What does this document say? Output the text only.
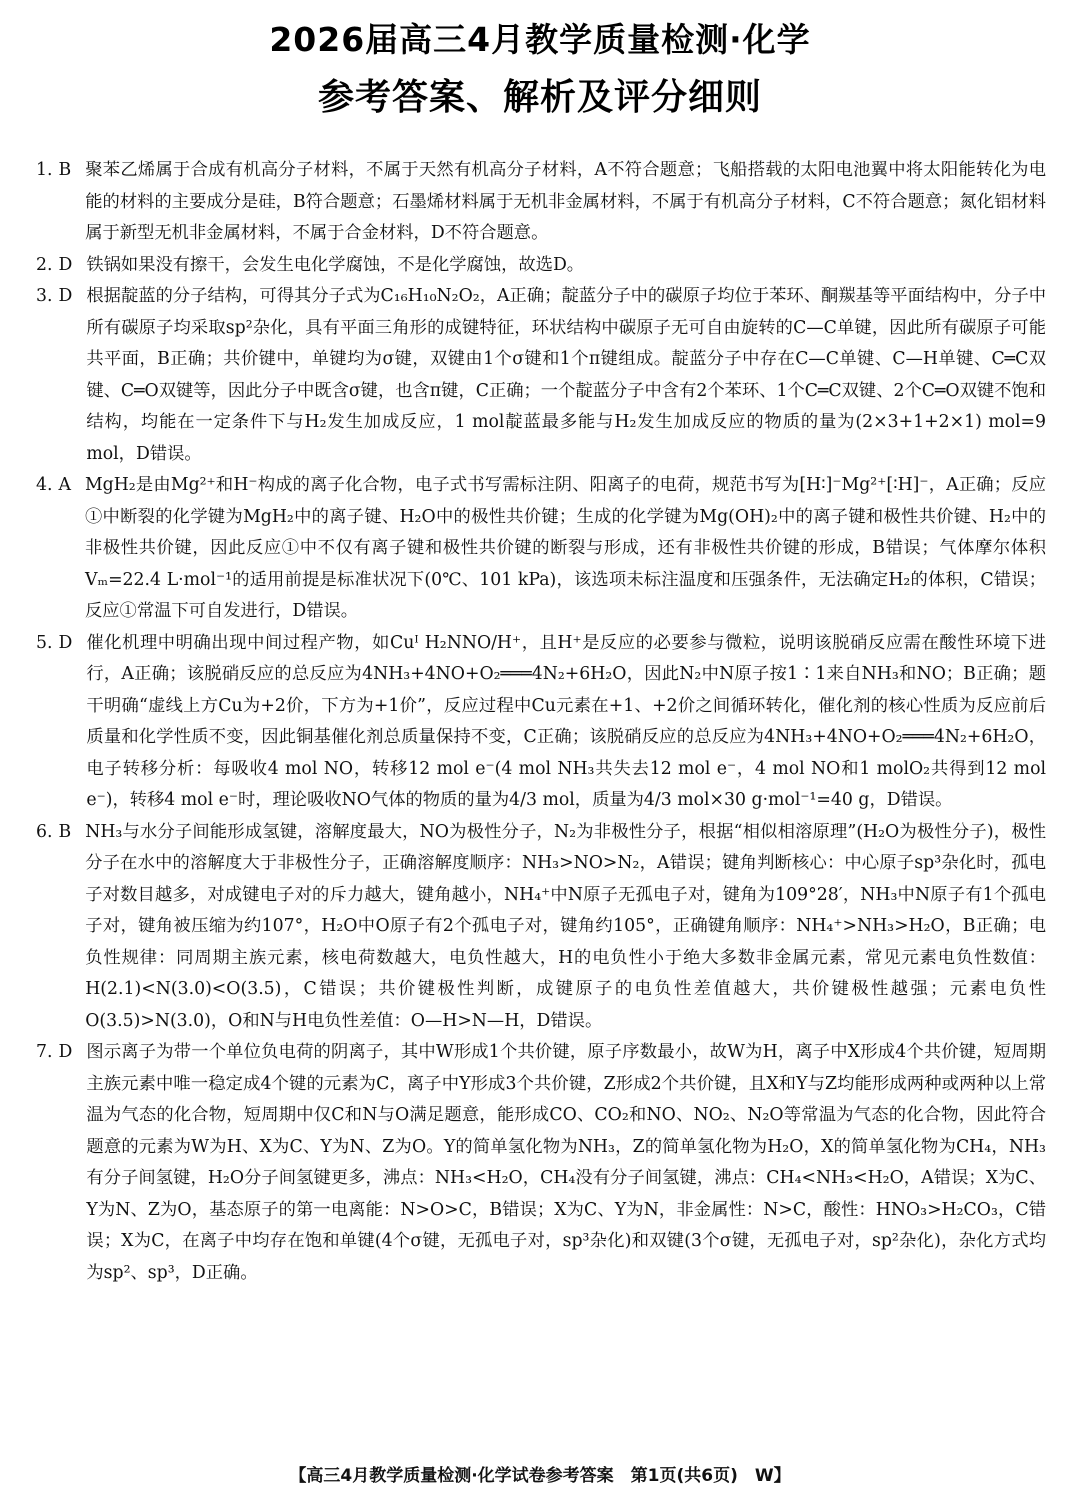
2026届高三4月教学质量检测·化学
参考答案、解析及评分细则
1. B 聚苯乙烯属于合成有机高分子材料，不属于天然有机高分子材料，A不符合题意；飞船搭载的太阳电池翼中将太阳能转化为电能的材料的主要成分是硅，B符合题意；石墨烯材料属于无机非金属材料，不属于有机高分子材料，C不符合题意；氮化铝材料属于新型无机非金属材料，不属于合金材料，D不符合题意。

2. D 铁锅如果没有擦干，会发生电化学腐蚀，不是化学腐蚀，故选D。

3. D 根据靛蓝的分子结构，可得其分子式为C₁₆H₁₀N₂O₂，A正确；靛蓝分子中的碳原子均位于苯环、酮羰基等平面结构中，分子中所有碳原子均采取sp²杂化，具有平面三角形的成键特征，环状结构中碳原子无可自由旋转的C—C单键，因此所有碳原子可能共平面，B正确；共价键中，单键均为σ键，双键由1个σ键和1个π键组成。靛蓝分子中存在C—C单键、C—H单键、C═C双键、C═O双键等，因此分子中既含σ键，也含π键，C正确；一个靛蓝分子中含有2个苯环、1个C═C双键、2个C═O双键不饱和结构，均能在一定条件下与H₂发生加成反应，1 mol靛蓝最多能与H₂发生加成反应的物质的量为(2×3+1+2×1) mol=9 mol，D错误。

4. A MgH₂是由Mg²⁺和H⁻构成的离子化合物，电子式书写需标注阴、阳离子的电荷，规范书写为[H∶]⁻Mg²⁺[∶H]⁻，A正确；反应①中断裂的化学键为MgH₂中的离子键、H₂O中的极性共价键；生成的化学键为Mg(OH)₂中的离子键和极性共价键、H₂中的非极性共价键，因此反应①中不仅有离子键和极性共价键的断裂与形成，还有非极性共价键的形成，B错误；气体摩尔体积Vₘ=22.4 L·mol⁻¹的适用前提是标准状况下(0℃、101 kPa)，该选项未标注温度和压强条件，无法确定H₂的体积，C错误；反应①常温下可自发进行，D错误。

5. D 催化机理中明确出现中间过程产物，如Cuᴵ H₂NNO/H⁺，且H⁺是反应的必要参与微粒，说明该脱硝反应需在酸性环境下进行，A正确；该脱硝反应的总反应为4NH₃+4NO+O₂═══4N₂+6H₂O，因此N₂中N原子按1∶1来自NH₃和NO；B正确；题干明确“虚线上方Cu为+2价，下方为+1价”，反应过程中Cu元素在+1、+2价之间循环转化，催化剂的核心性质为反应前后质量和化学性质不变，因此铜基催化剂总质量保持不变，C正确；该脱硝反应的总反应为4NH₃+4NO+O₂═══4N₂+6H₂O，电子转移分析：每吸收4 mol NO，转移12 mol e⁻(4 mol NH₃共失去12 mol e⁻，4 mol NO和1 molO₂共得到12 mol e⁻)，转移4 mol e⁻时，理论吸收NO气体的物质的量为4/3 mol，质量为4/3 mol×30 g·mol⁻¹=40 g，D错误。

6. B NH₃与水分子间能形成氢键，溶解度最大，NO为极性分子，N₂为非极性分子，根据“相似相溶原理”(H₂O为极性分子)，极性分子在水中的溶解度大于非极性分子，正确溶解度顺序：NH₃>NO>N₂，A错误；键角判断核心：中心原子sp³杂化时，孤电子对数目越多，对成键电子对的斥力越大，键角越小，NH₄⁺中N原子无孤电子对，键角为109°28′，NH₃中N原子有1个孤电子对，键角被压缩为约107°，H₂O中O原子有2个孤电子对，键角约105°，正确键角顺序：NH₄⁺>NH₃>H₂O，B正确；电负性规律：同周期主族元素，核电荷数越大，电负性越大，H的电负性小于绝大多数非金属元素，常见元素电负性数值：H(2.1)<N(3.0)<O(3.5)，C错误；共价键极性判断，成键原子的电负性差值越大，共价键极性越强；元素电负性O(3.5)>N(3.0)，O和N与H电负性差值：O—H>N—H，D错误。

7. D 图示离子为带一个单位负电荷的阴离子，其中W形成1个共价键，原子序数最小，故W为H，离子中X形成4个共价键，短周期主族元素中唯一稳定成4个键的元素为C，离子中Y形成3个共价键，Z形成2个共价键，且X和Y与Z均能形成两种或两种以上常温为气态的化合物，短周期中仅C和N与O满足题意，能形成CO、CO₂和NO、NO₂、N₂O等常温为气态的化合物，因此符合题意的元素为W为H、X为C、Y为N、Z为O。Y的简单氢化物为NH₃，Z的简单氢化物为H₂O，X的简单氢化物为CH₄，NH₃有分子间氢键，H₂O分子间氢键更多，沸点：NH₃<H₂O，CH₄没有分子间氢键，沸点：CH₄<NH₃<H₂O，A错误；X为C、Y为N、Z为O，基态原子的第一电离能：N>O>C，B错误；X为C、Y为N，非金属性：N>C，酸性：HNO₃>H₂CO₃，C错误；X为C，在离子中均存在饱和单键(4个σ键，无孤电子对，sp³杂化)和双键(3个σ键，无孤电子对，sp²杂化)，杂化方式均为sp²、sp³，D正确。

【高三4月教学质量检测·化学试卷参考答案　第1页(共6页)　W】
